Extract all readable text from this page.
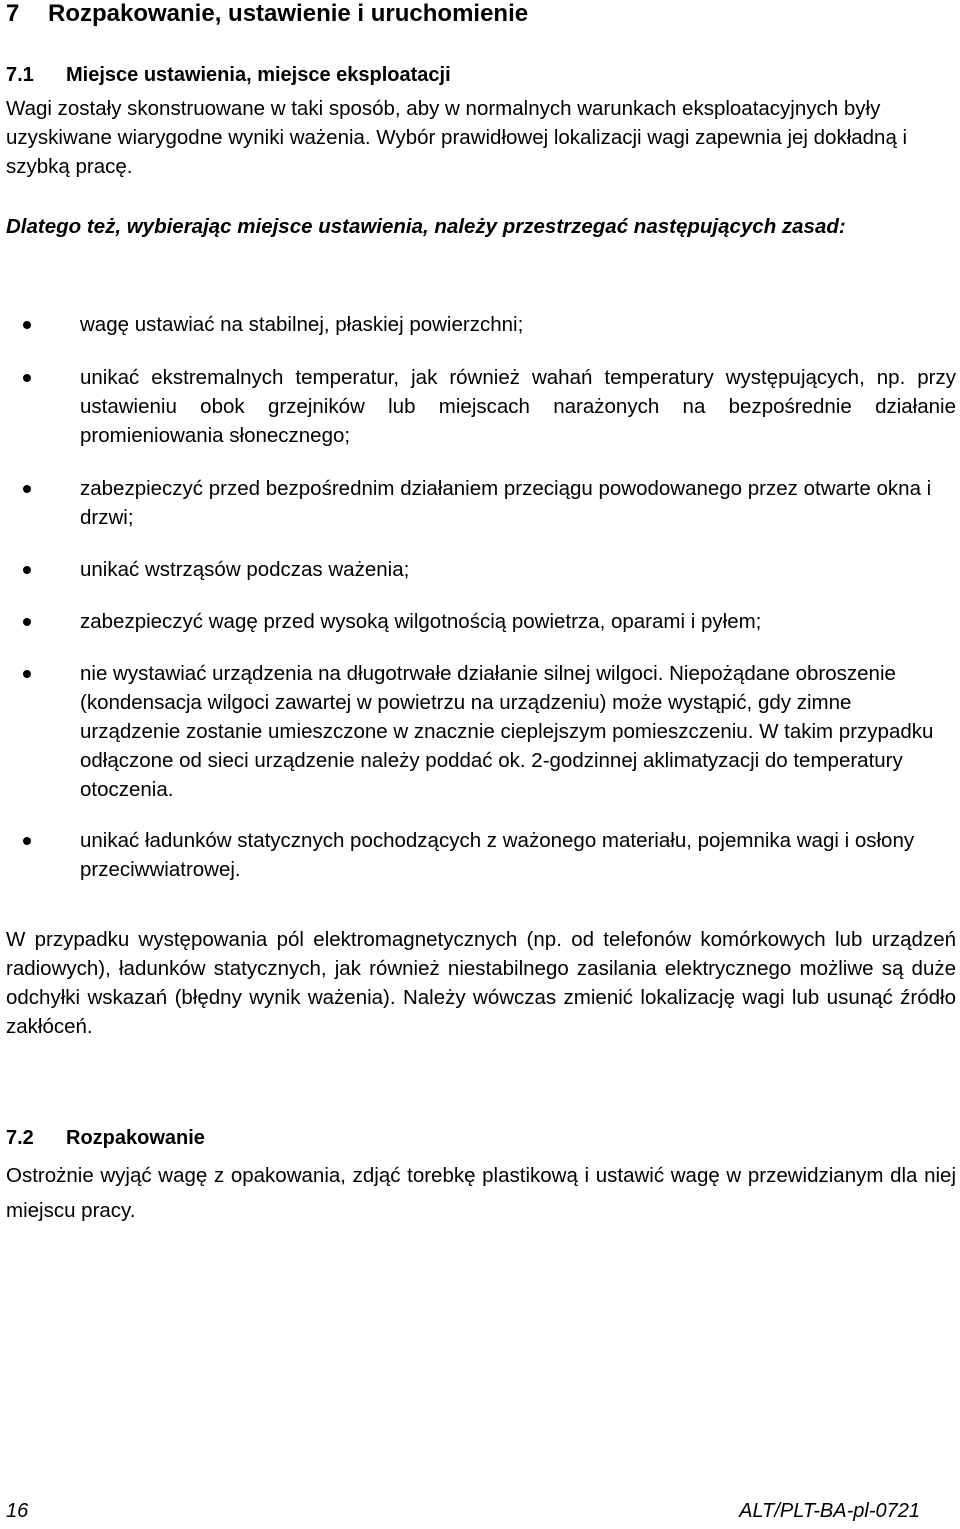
7 Rozpakowanie, ustawienie i uruchomienie
7.1 Miejsce ustawienia, miejsce eksploatacji

Wagi zostały skonstruowane w taki sposób, aby w normalnych warunkach eksploatacyjnych były uzyskiwane wiarygodne wyniki ważenia. Wybór prawidłowej lokalizacji wagi zapewnia jej dokładną i szybką pracę.

Dlatego też, wybierając miejsce ustawienia, należy przestrzegać następujących zasad:

wagę ustawiać na stabilnej, płaskiej powierzchni;
unikać ekstremalnych temperatur, jak również wahań temperatury występujących, np. przy ustawieniu obok grzejników lub miejscach narażonych na bezpośrednie działanie promieniowania słonecznego;
zabezpieczyć przed bezpośrednim działaniem przeciągu powodowanego przez otwarte okna i drzwi;
unikać wstrząsów podczas ważenia;
zabezpieczyć wagę przed wysoką wilgotnością powietrza, oparami i pyłem;
nie wystawiać urządzenia na długotrwałe działanie silnej wilgoci. Niepożądane obroszenie (kondensacja wilgoci zawartej w powietrzu na urządzeniu) może wystąpić, gdy zimne urządzenie zostanie umieszczone w znacznie cieplejszym pomieszczeniu. W takim przypadku odłączone od sieci urządzenie należy poddać ok. 2-godzinnej aklimatyzacji do temperatury otoczenia.
unikać ładunków statycznych pochodzących z ważonego materiału, pojemnika wagi i osłony przeciwwiatrowej.

W przypadku występowania pól elektromagnetycznych (np. od telefonów komórkowych lub urządzeń radiowych), ładunków statycznych, jak również niestabilnego zasilania elektrycznego możliwe są duże odchyłki wskazań (błędny wynik ważenia). Należy wówczas zmienić lokalizację wagi lub usunąć źródło zakłóceń.

7.2 Rozpakowanie

Ostrożnie wyjąć wagę z opakowania, zdjąć torebkę plastikową i ustawić wagę w przewidzianym dla niej miejscu pracy.

16	ALT/PLT-BA-pl-0721
